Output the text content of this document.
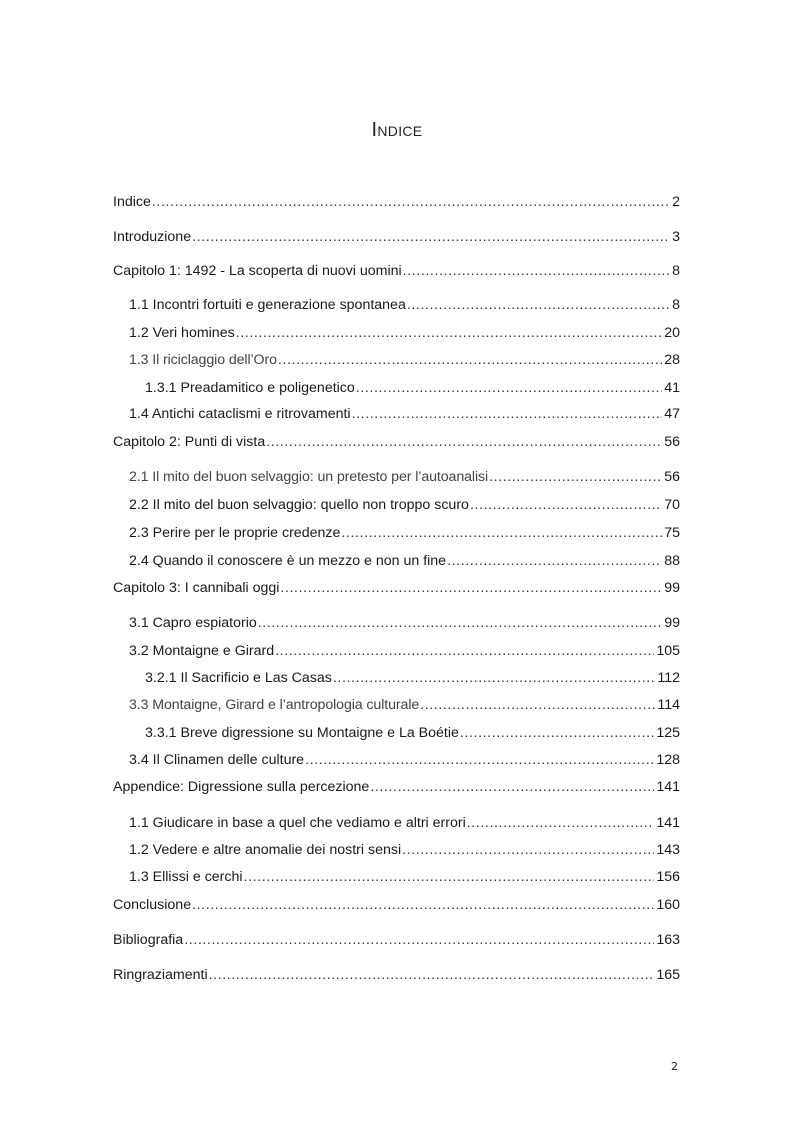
Indice
Indice .....	2
Introduzione .....	3
Capitolo 1: 1492 - La scoperta di nuovi uomini .....	8
1.1 Incontri fortuiti e generazione spontanea .....	8
1.2 Veri homines .....	20
1.3 Il riciclaggio dell’Oro .....	28
1.3.1 Preadamitico e poligenetico .....	41
1.4 Antichi cataclismi e ritrovamenti .....	47
Capitolo 2: Punti di vista .....	56
2.1 Il mito del buon selvaggio: un pretesto per l’autoanalisi .....	56
2.2 Il mito del buon selvaggio: quello non troppo scuro .....	70
2.3 Perire per le proprie credenze .....	75
2.4 Quando il conoscere è un mezzo e non un fine .....	88
Capitolo 3: I cannibali oggi .....	99
3.1 Capro espiatorio .....	99
3.2 Montaigne e Girard .....	105
3.2.1 Il Sacrificio e Las Casas .....	112
3.3 Montaigne, Girard e l’antropologia culturale .....	114
3.3.1 Breve digressione su Montaigne e La Boétie .....	125
3.4 Il Clinamen delle culture .....	128
Appendice: Digressione sulla percezione .....	141
1.1 Giudicare in base a quel che vediamo e altri errori .....	141
1.2 Vedere e altre anomalie dei nostri sensi .....	143
1.3 Ellissi e cerchi .....	156
Conclusione .....	160
Bibliografia .....	163
Ringraziamenti .....	165
2
